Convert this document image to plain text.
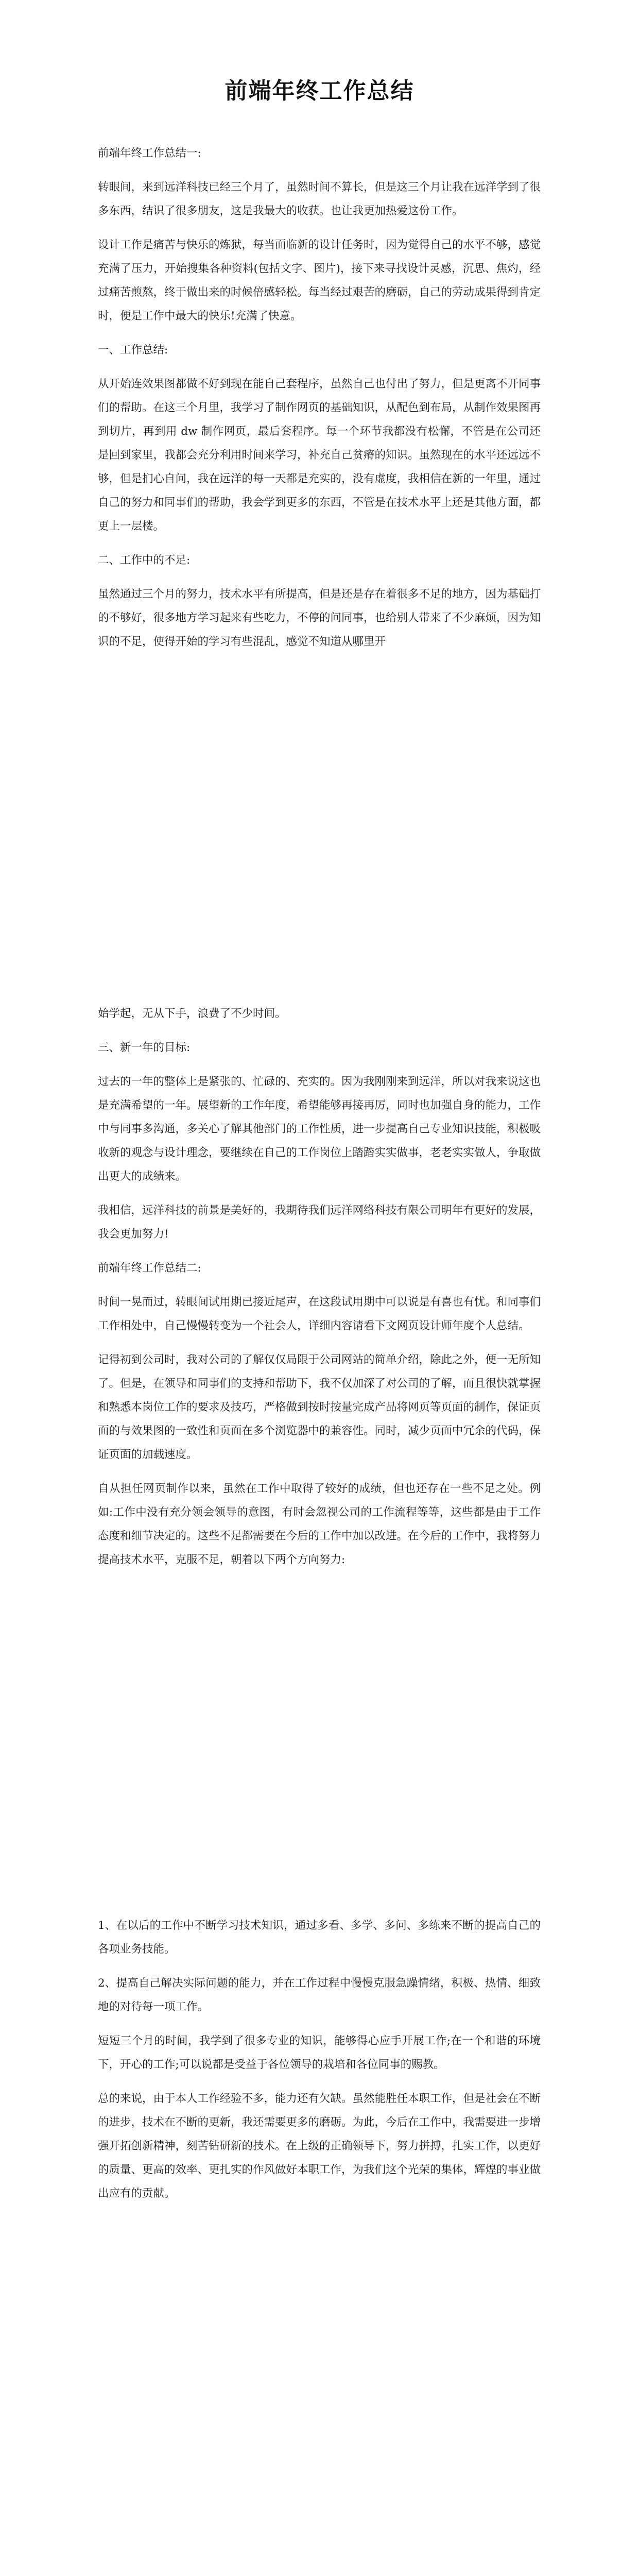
前端年终工作总结

前端年终工作总结一:

转眼间，来到远洋科技已经三个月了，虽然时间不算长，但是这三个月让我在远洋学到了很多东西，结识了很多朋友，这是我最大的收获。也让我更加热爱这份工作。

设计工作是痛苦与快乐的炼狱，每当面临新的设计任务时，因为觉得自己的水平不够，感觉充满了压力，开始搜集各种资料(包括文字、图片)，接下来寻找设计灵感，沉思、焦灼，经过痛苦煎熬，终于做出来的时候倍感轻松。每当经过艰苦的磨砺，自己的劳动成果得到肯定时，便是工作中最大的快乐!充满了快意。

一、工作总结:

从开始连效果图都做不好到现在能自己套程序，虽然自己也付出了努力，但是更离不开同事们的帮助。在这三个月里，我学习了制作网页的基础知识，从配色到布局，从制作效果图再到切片，再到用 dw 制作网页，最后套程序。每一个环节我都没有松懈，不管是在公司还是回到家里，我都会充分利用时间来学习，补充自己贫瘠的知识。虽然现在的水平还远远不够，但是扪心自问，我在远洋的每一天都是充实的，没有虚度，我相信在新的一年里，通过自己的努力和同事们的帮助，我会学到更多的东西，不管是在技术水平上还是其他方面，都更上一层楼。

二、工作中的不足:

虽然通过三个月的努力，技术水平有所提高，但是还是存在着很多不足的地方，因为基础打的不够好，很多地方学习起来有些吃力，不停的问同事，也给别人带来了不少麻烦，因为知识的不足，使得开始的学习有些混乱，感觉不知道从哪里开

始学起，无从下手，浪费了不少时间。

三、新一年的目标:

过去的一年的整体上是紧张的、忙碌的、充实的。因为我刚刚来到远洋，所以对我来说这也是充满希望的一年。展望新的工作年度，希望能够再接再厉，同时也加强自身的能力，工作中与同事多沟通，多关心了解其他部门的工作性质，进一步提高自己专业知识技能，积极吸收新的观念与设计理念，要继续在自己的工作岗位上踏踏实实做事，老老实实做人，争取做出更大的成绩来。

我相信，远洋科技的前景是美好的，我期待我们远洋网络科技有限公司明年有更好的发展，我会更加努力!

前端年终工作总结二:

时间一晃而过，转眼间试用期已接近尾声，在这段试用期中可以说是有喜也有忧。和同事们工作相处中，自己慢慢转变为一个社会人，详细内容请看下文网页设计师年度个人总结。

记得初到公司时，我对公司的了解仅仅局限于公司网站的简单介绍，除此之外，便一无所知了。但是，在领导和同事们的支持和帮助下，我不仅加深了对公司的了解，而且很快就掌握和熟悉本岗位工作的要求及技巧，严格做到按时按量完成产品将网页等页面的制作，保证页面的与效果图的一致性和页面在多个浏览器中的兼容性。同时，减少页面中冗余的代码，保证页面的加载速度。

自从担任网页制作以来，虽然在工作中取得了较好的成绩，但也还存在一些不足之处。例如:工作中没有充分领会领导的意图，有时会忽视公司的工作流程等等，这些都是由于工作态度和细节决定的。这些不足都需要在今后的工作中加以改进。在今后的工作中，我将努力提高技术水平，克服不足，朝着以下两个方向努力:

1、在以后的工作中不断学习技术知识，通过多看、多学、多问、多练来不断的提高自己的各项业务技能。

2、提高自己解决实际问题的能力，并在工作过程中慢慢克服急躁情绪，积极、热情、细致地的对待每一项工作。

短短三个月的时间，我学到了很多专业的知识，能够得心应手开展工作;在一个和谐的环境下，开心的工作;可以说都是受益于各位领导的栽培和各位同事的赐教。

总的来说，由于本人工作经验不多，能力还有欠缺。虽然能胜任本职工作，但是社会在不断的进步，技术在不断的更新，我还需要更多的磨砺。为此，今后在工作中，我需要进一步增强开拓创新精神，刻苦钻研新的技术。在上级的正确领导下，努力拼搏，扎实工作，以更好的质量、更高的效率、更扎实的作风做好本职工作，为我们这个光荣的集体，辉煌的事业做出应有的贡献。
